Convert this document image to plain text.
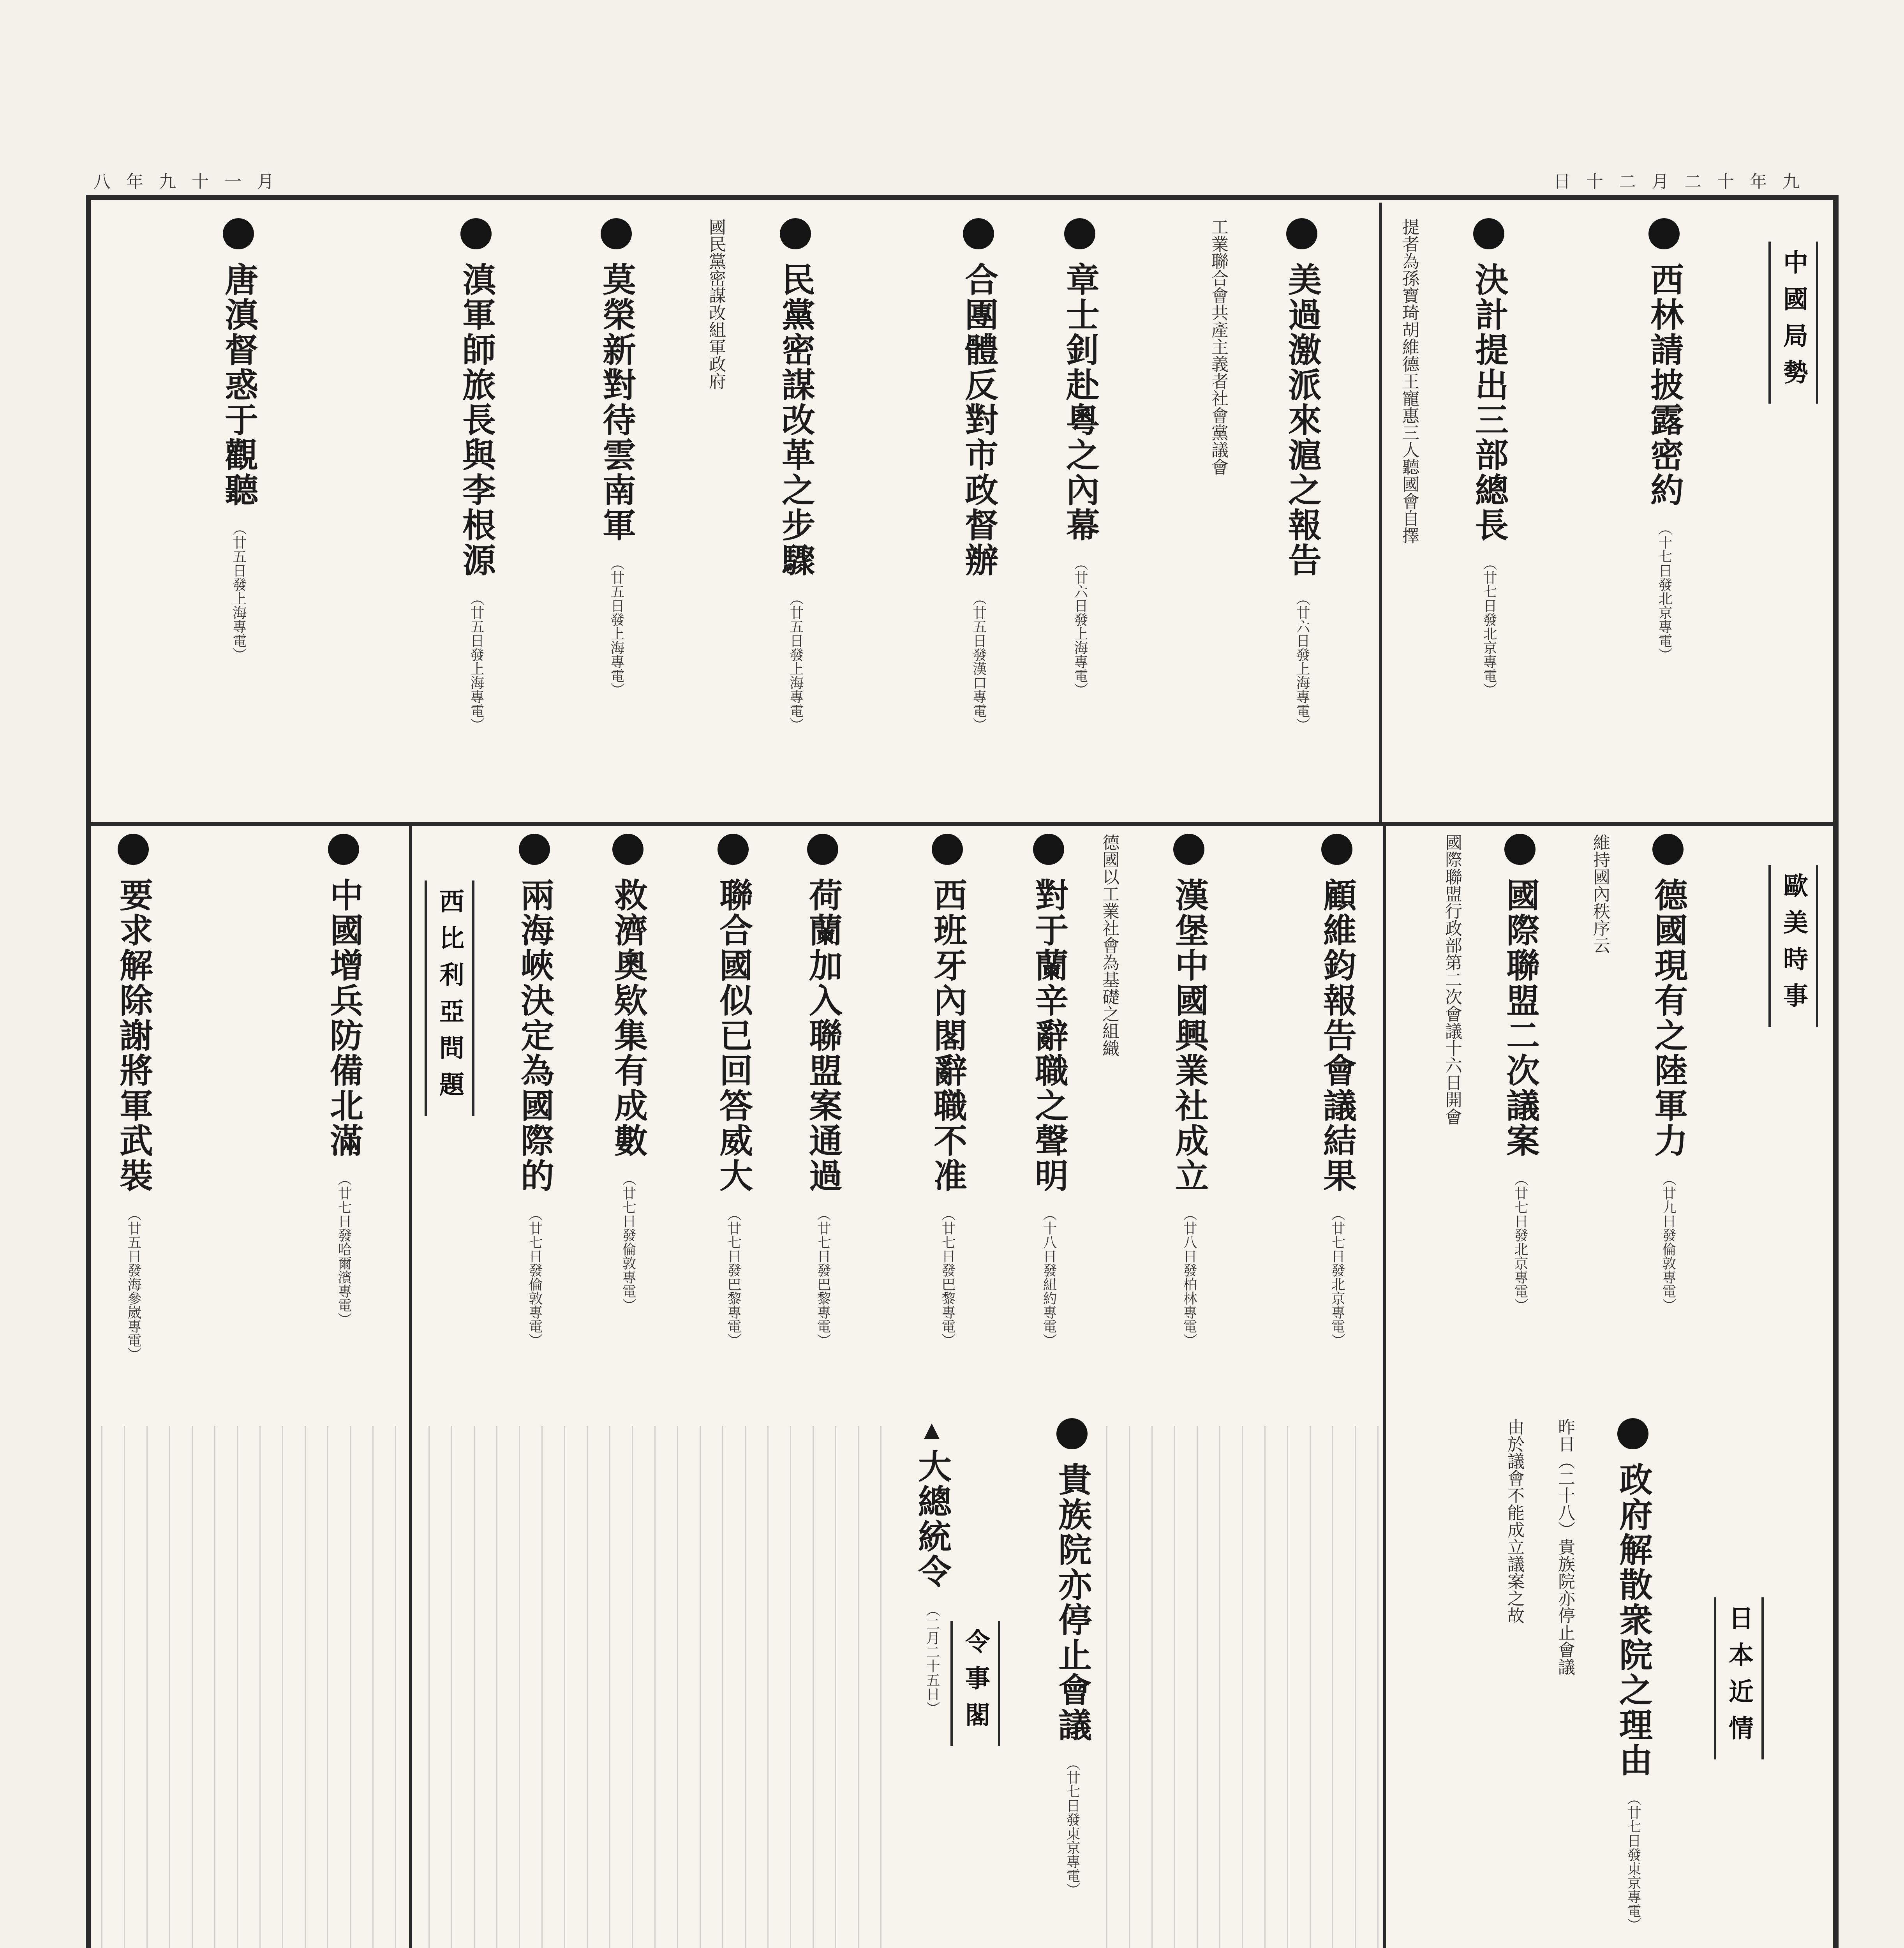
八年九十一月	日十二月二十年九
中國局勢
歐美時事
日本近情
西比利亞問題
令事閣
西林請披露密約 （十七日發北京專電）
決計提出三部總長 （廿七日發北京專電）
提者為孫寶琦胡維德王寵惠三人聽國會自擇
美過激派來滬之報告 （廿六日發上海專電）
工業聯合會共產主義者社會黨議會
章士釗赴粵之內幕 （廿六日發上海專電）
合團體反對市政督辦 （廿五日發漢口專電）
民黨密謀改革之步驟 （廿五日發上海專電）
國民黨密謀改組軍政府
莫榮新對待雲南軍 （廿五日發上海專電）
滇軍師旅長與李根源 （廿五日發上海專電）
唐滇督惑于觀聽 （廿五日發上海專電）
德國現有之陸軍力 （廿九日發倫敦專電）
維持國內秩序云
國際聯盟二次議案 （廿七日發北京專電）
國際聯盟行政部第二次會議十六日開會
顧維鈞報告會議結果 （廿七日發北京專電）
漢堡中國興業社成立 （廿八日發柏林專電）
德國以工業社會為基礎之組織
對于蘭辛辭職之聲明 （十八日發紐約專電）
西班牙內閣辭職不准 （廿七日發巴黎專電）
荷蘭加入聯盟案通過 （廿七日發巴黎專電）
聯合國似已回答威大 （廿七日發巴黎專電）
救濟奧欵集有成數 （廿七日發倫敦專電）
兩海峽決定為國際的 （廿七日發倫敦專電）
中國增兵防備北滿 （廿七日發哈爾濱專電）
要求解除謝將軍武裝 （廿五日發海參崴專電）
政府解散衆院之理由 （廿七日發東京專電）
昨日（二十八）貴族院亦停止會議
由於議會不能成立議案之故
貴族院亦停止會議 （廿七日發東京專電）
▲ 大總統令 （二月二十五日）
